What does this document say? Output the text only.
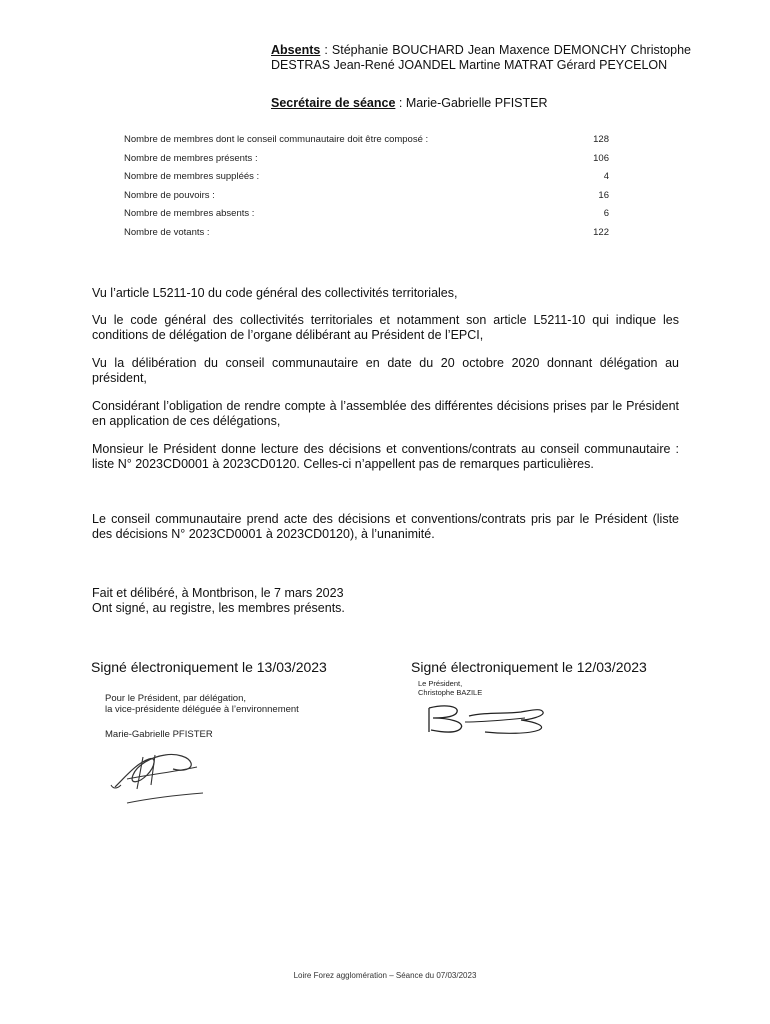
Absents : Stéphanie BOUCHARD Jean Maxence DEMONCHY Christophe DESTRAS Jean-René JOANDEL Martine MATRAT Gérard PEYCELON
Secrétaire de séance : Marie-Gabrielle PFISTER
Nombre de membres dont le conseil communautaire doit être composé :	128
Nombre de membres présents :	106
Nombre de membres suppléés :	4
Nombre de pouvoirs :	16
Nombre de membres absents :	6
Nombre de votants :	122
Vu l’article L5211-10 du code général des collectivités territoriales,
Vu le code général des collectivités territoriales et notamment son article L5211-10 qui indique les conditions de délégation de l’organe délibérant au Président de l’EPCI,
Vu la délibération du conseil communautaire en date du 20 octobre 2020 donnant délégation au président,
Considérant l’obligation de rendre compte à l’assemblée des différentes décisions prises par le Président en application de ces délégations,
Monsieur le Président donne lecture des décisions et conventions/contrats au conseil communautaire : liste N° 2023CD0001 à 2023CD0120. Celles-ci n’appellent pas de remarques particulières.
Le conseil communautaire prend acte des décisions et conventions/contrats pris par le Président (liste des décisions N° 2023CD0001 à 2023CD0120), à l’unanimité.
Fait et délibéré, à Montbrison, le 7 mars 2023
Ont signé, au registre, les membres présents.
Signé électroniquement le 13/03/2023	Signé électroniquement le 12/03/2023
Pour le Président, par délégation,
la vice-présidente déléguée à l’environnement
Marie-Gabrielle PFISTER
Le Président,
Christophe BAZILE
Loire Forez agglomération – Séance du 07/03/2023
